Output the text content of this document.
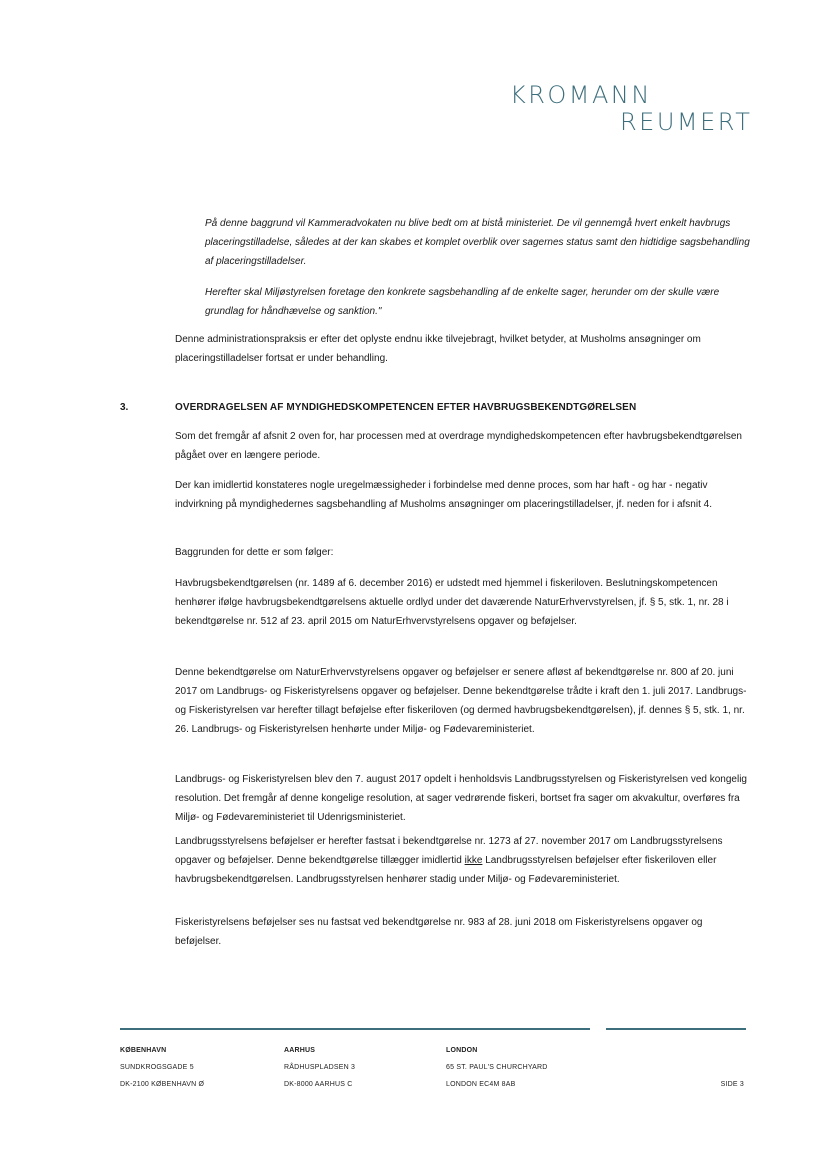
KROMANN
REUMERT
På denne baggrund vil Kammeradvokaten nu blive bedt om at bistå ministeriet. De vil gennemgå hvert enkelt havbrugs placeringstilladelse, således at der kan skabes et komplet overblik over sagernes status samt den hidtidige sagsbehandling af placeringstilladelser.
Herefter skal Miljøstyrelsen foretage den konkrete sagsbehandling af de enkelte sager, herunder om der skulle være grundlag for håndhævelse og sanktion."
Denne administrationspraksis er efter det oplyste endnu ikke tilvejebragt, hvilket betyder, at Musholms ansøgninger om placeringstilladelser fortsat er under behandling.
3.	OVERDRAGELSEN AF MYNDIGHEDSKOMPETENCEN EFTER HAVBRUGSBEKENDTGØRELSEN
Som det fremgår af afsnit 2 oven for, har processen med at overdrage myndighedskompetencen efter havbrugsbekendtgørelsen pågået over en længere periode.
Der kan imidlertid konstateres nogle uregelmæssigheder i forbindelse med denne proces, som har haft - og har - negativ indvirkning på myndighedernes sagsbehandling af Musholms ansøgninger om placeringstilladelser, jf. neden for i afsnit 4.
Baggrunden for dette er som følger:
Havbrugsbekendtgørelsen (nr. 1489 af 6. december 2016) er udstedt med hjemmel i fiskeriloven. Beslutningskompetencen henhører ifølge havbrugsbekendtgørelsens aktuelle ordlyd under det daværende NaturErhvervstyrelsen, jf. § 5, stk. 1, nr. 28 i bekendtgørelse nr. 512 af 23. april 2015 om NaturErhvervstyrelsens opgaver og beføjelser.
Denne bekendtgørelse om NaturErhvervstyrelsens opgaver og beføjelser er senere afløst af bekendtgørelse nr. 800 af 20. juni 2017 om Landbrugs- og Fiskeristyrelsens opgaver og beføjelser. Denne bekendtgørelse trådte i kraft den 1. juli 2017. Landbrugs- og Fiskeristyrelsen var herefter tillagt beføjelse efter fiskeriloven (og dermed havbrugsbekendtgørelsen), jf. dennes § 5, stk. 1, nr. 26. Landbrugs- og Fiskeristyrelsen henhørte under Miljø- og Fødevareministeriet.
Landbrugs- og Fiskeristyrelsen blev den 7. august 2017 opdelt i henholdsvis Landbrugsstyrelsen og Fiskeristyrelsen ved kongelig resolution. Det fremgår af denne kongelige resolution, at sager vedrørende fiskeri, bortset fra sager om akvakultur, overføres fra Miljø- og Fødevareministeriet til Udenrigsministeriet.
Landbrugsstyrelsens beføjelser er herefter fastsat i bekendtgørelse nr. 1273 af 27. november 2017 om Landbrugsstyrelsens opgaver og beføjelser. Denne bekendtgørelse tillægger imidlertid ikke Landbrugsstyrelsen beføjelser efter fiskeriloven eller havbrugsbekendtgørelsen. Landbrugsstyrelsen henhører stadig under Miljø- og Fødevareministeriet.
Fiskeristyrelsens beføjelser ses nu fastsat ved bekendtgørelse nr. 983 af 28. juni 2018 om Fiskeristyrelsens opgaver og beføjelser.
KØBENHAVN
SUNDKROGSGADE 5
DK-2100 KØBENHAVN Ø
AARHUS
RÅDHUSPLADSEN 3
DK-8000 AARHUS C
LONDON
65 ST. PAUL'S CHURCHYARD
LONDON EC4M 8AB	SIDE 3
